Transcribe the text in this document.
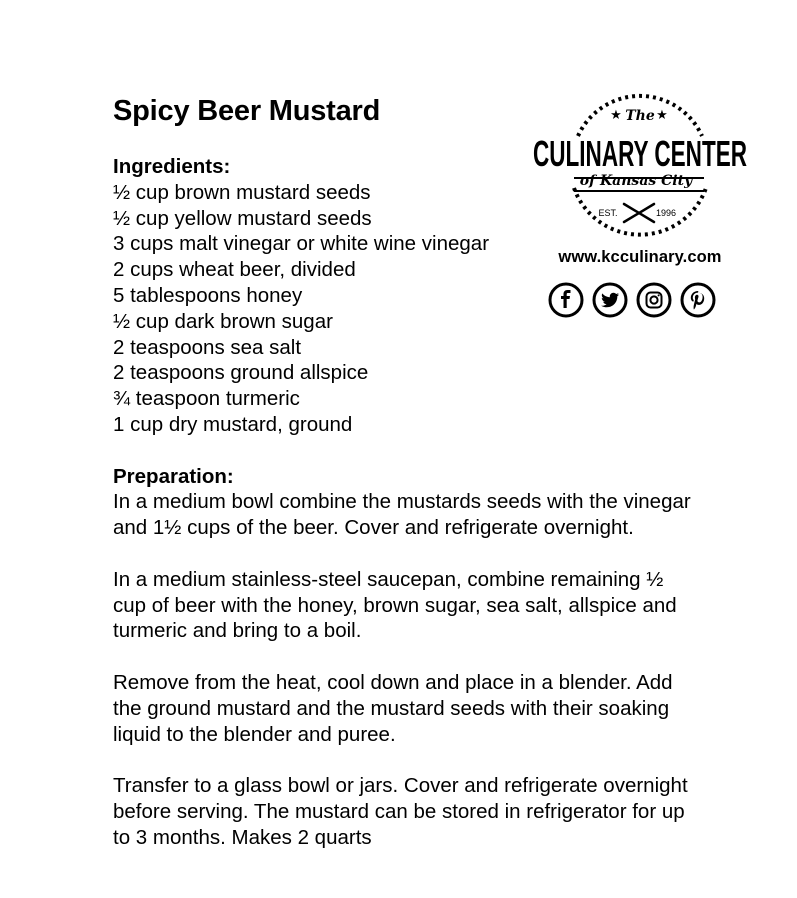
Spicy Beer Mustard	★	★
The
CULINARY CENTER
of Kansas City
EST.	1996
www.kcculinary.com
Ingredients:
½ cup brown mustard seeds
½ cup yellow mustard seeds
3 cups malt vinegar or white wine vinegar
2 cups wheat beer, divided
5 tablespoons honey
½ cup dark brown sugar
2 teaspoons sea salt
2 teaspoons ground allspice
¾ teaspoon turmeric
1 cup dry mustard, ground
Preparation:

In a medium bowl combine the mustards seeds with the vinegar and 1½ cups of the beer. Cover and refrigerate overnight.

In a medium stainless-steel saucepan, combine remaining ½ cup of beer with the honey, brown sugar, sea salt, allspice and turmeric and bring to a boil.

Remove from the heat, cool down and place in a blender. Add the ground mustard and the mustard seeds with their soaking liquid to the blender and puree.

Transfer to a glass bowl or jars. Cover and refrigerate overnight before serving. The mustard can be stored in refrigerator for up to 3 months. Makes 2 quarts
